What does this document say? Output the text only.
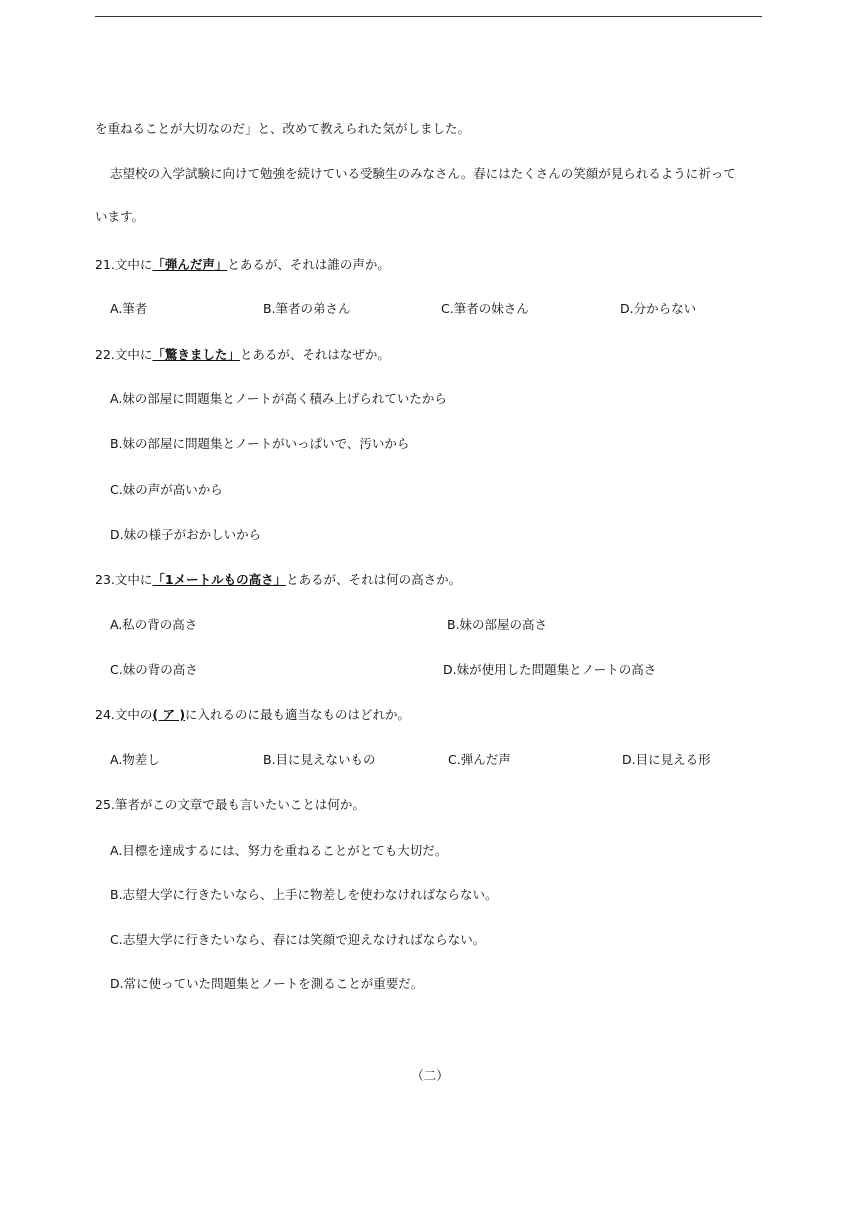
を重ねることが大切なのだ」と、改めて教えられた気がしました。
志望校の入学試験に向けて勉強を続けている受験生のみなさん。春にはたくさんの笑顔が見られるように祈って
います。
21.文中に「弾んだ声」とあるが、それは誰の声か。
A.筆者	B.筆者の弟さん	C.筆者の妹さん	D.分からない
22.文中に「驚きました」とあるが、それはなぜか。
A.妹の部屋に問題集とノートが高く積み上げられていたから
B.妹の部屋に問題集とノートがいっぱいで、汚いから
C.妹の声が高いから
D.妹の様子がおかしいから
23.文中に「1メートルもの高さ」とあるが、それは何の高さか。
A.私の背の高さ	B.妹の部屋の高さ
C.妹の背の高さ	D.妹が使用した問題集とノートの高さ
24.文中の( ア )に入れるのに最も適当なものはどれか。
A.物差し	B.目に見えないもの	C.弾んだ声	D.目に見える形
25.筆者がこの文章で最も言いたいことは何か。
A.目標を達成するには、努力を重ねることがとても大切だ。
B.志望大学に行きたいなら、上手に物差しを使わなければならない。
C.志望大学に行きたいなら、春には笑顔で迎えなければならない。
D.常に使っていた問題集とノートを測ることが重要だ。
（二）
